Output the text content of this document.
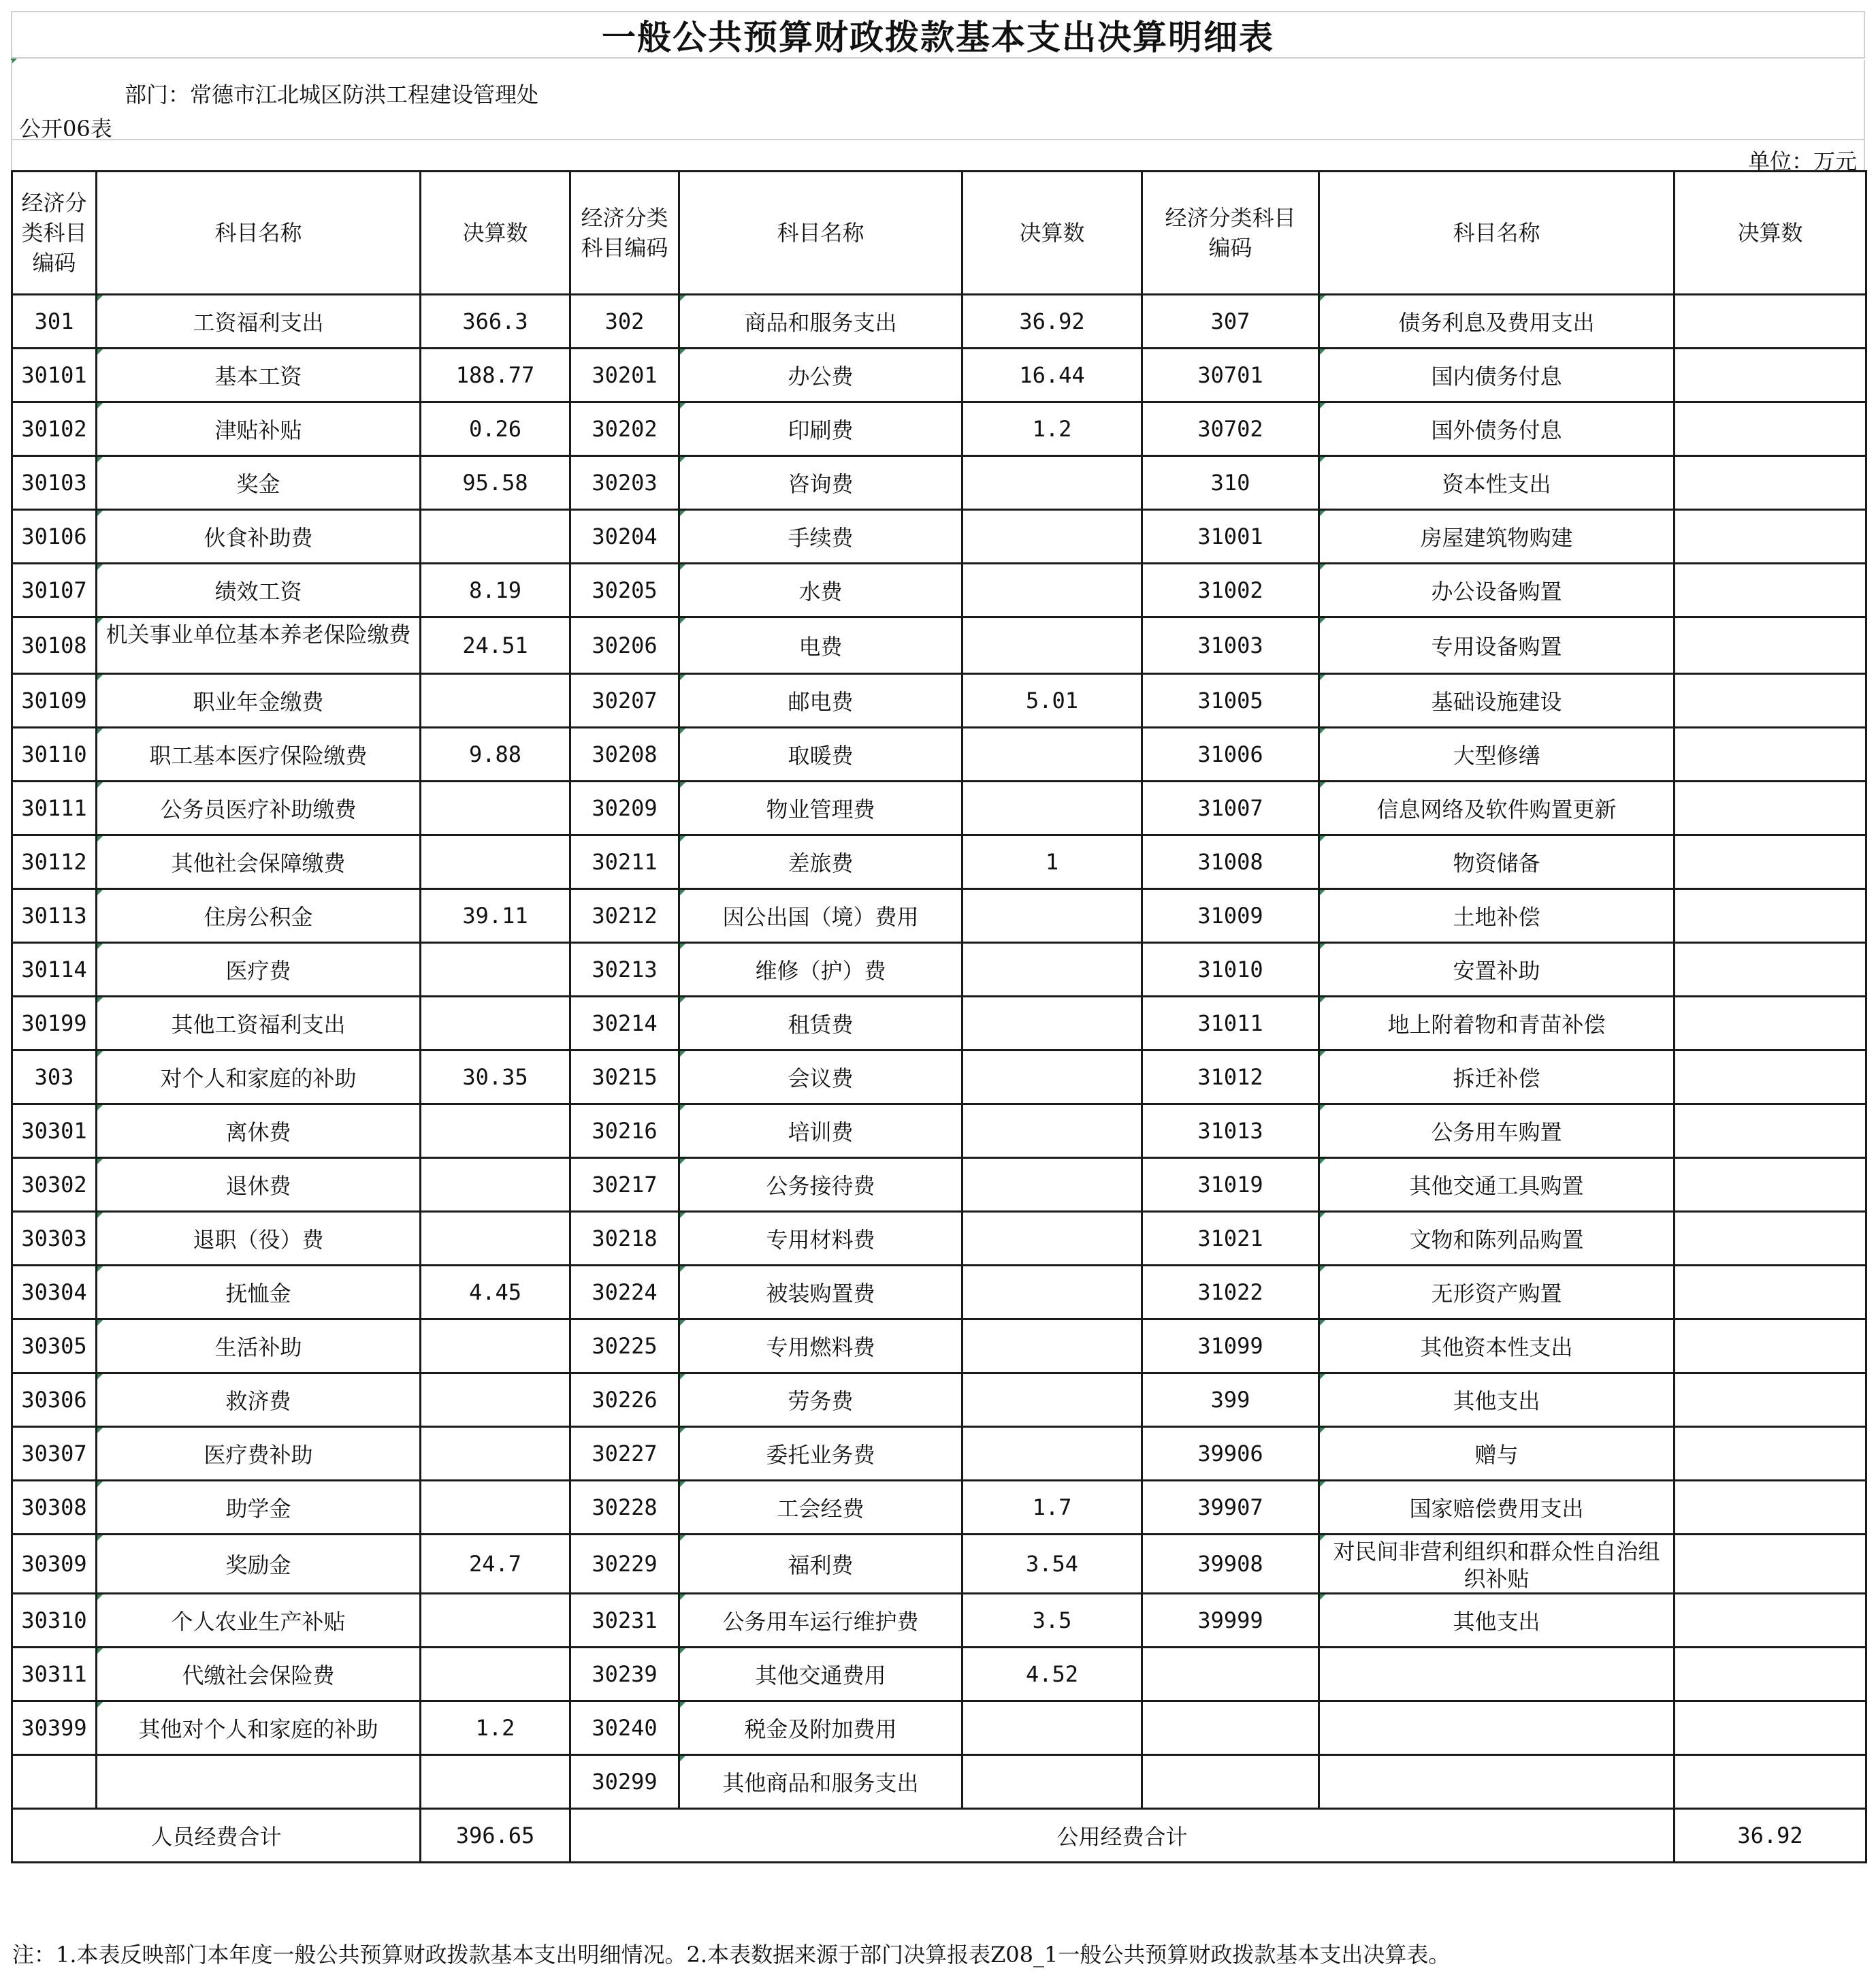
一般公共预算财政拨款基本支出决算明细表
部门：常德市江北城区防洪工程建设管理处
公开06表
单位：万元
经济分类科目编码	科目名称	决算数	经济分类科目编码	科目名称	决算数	经济分类科目编码	科目名称	决算数
301	工资福利支出	366.3	302	商品和服务支出	36.92	307	债务利息及费用支出	
30101	基本工资	188.77	30201	办公费	16.44	30701	国内债务付息	
30102	津贴补贴	0.26	30202	印刷费	1.2	30702	国外债务付息	
30103	奖金	95.58	30203	咨询费		310	资本性支出	
30106	伙食补助费		30204	手续费		31001	房屋建筑物购建	
30107	绩效工资	8.19	30205	水费		31002	办公设备购置	
30108	机关事业单位基本养老保险缴费	24.51	30206	电费		31003	专用设备购置	
30109	职业年金缴费		30207	邮电费	5.01	31005	基础设施建设	
30110	职工基本医疗保险缴费	9.88	30208	取暖费		31006	大型修缮	
30111	公务员医疗补助缴费		30209	物业管理费		31007	信息网络及软件购置更新	
30112	其他社会保障缴费		30211	差旅费	1	31008	物资储备	
30113	住房公积金	39.11	30212	因公出国（境）费用		31009	土地补偿	
30114	医疗费		30213	维修（护）费		31010	安置补助	
30199	其他工资福利支出		30214	租赁费		31011	地上附着物和青苗补偿	
303	对个人和家庭的补助	30.35	30215	会议费		31012	拆迁补偿	
30301	离休费		30216	培训费		31013	公务用车购置	
30302	退休费		30217	公务接待费		31019	其他交通工具购置	
30303	退职（役）费		30218	专用材料费		31021	文物和陈列品购置	
30304	抚恤金	4.45	30224	被装购置费		31022	无形资产购置	
30305	生活补助		30225	专用燃料费		31099	其他资本性支出	
30306	救济费		30226	劳务费		399	其他支出	
30307	医疗费补助		30227	委托业务费		39906	赠与	
30308	助学金		30228	工会经费	1.7	39907	国家赔偿费用支出	
30309	奖励金	24.7	30229	福利费	3.54	39908	对民间非营利组织和群众性自治组织补贴	
30310	个人农业生产补贴		30231	公务用车运行维护费	3.5	39999	其他支出	
30311	代缴社会保险费		30239	其他交通费用	4.52			
30399	其他对个人和家庭的补助	1.2	30240	税金及附加费用				
			30299	其他商品和服务支出				
人员经费合计		396.65	公用经费合计					36.92
注：1.本表反映部门本年度一般公共预算财政拨款基本支出明细情况。2.本表数据来源于部门决算报表Z08_1一般公共预算财政拨款基本支出决算表。
